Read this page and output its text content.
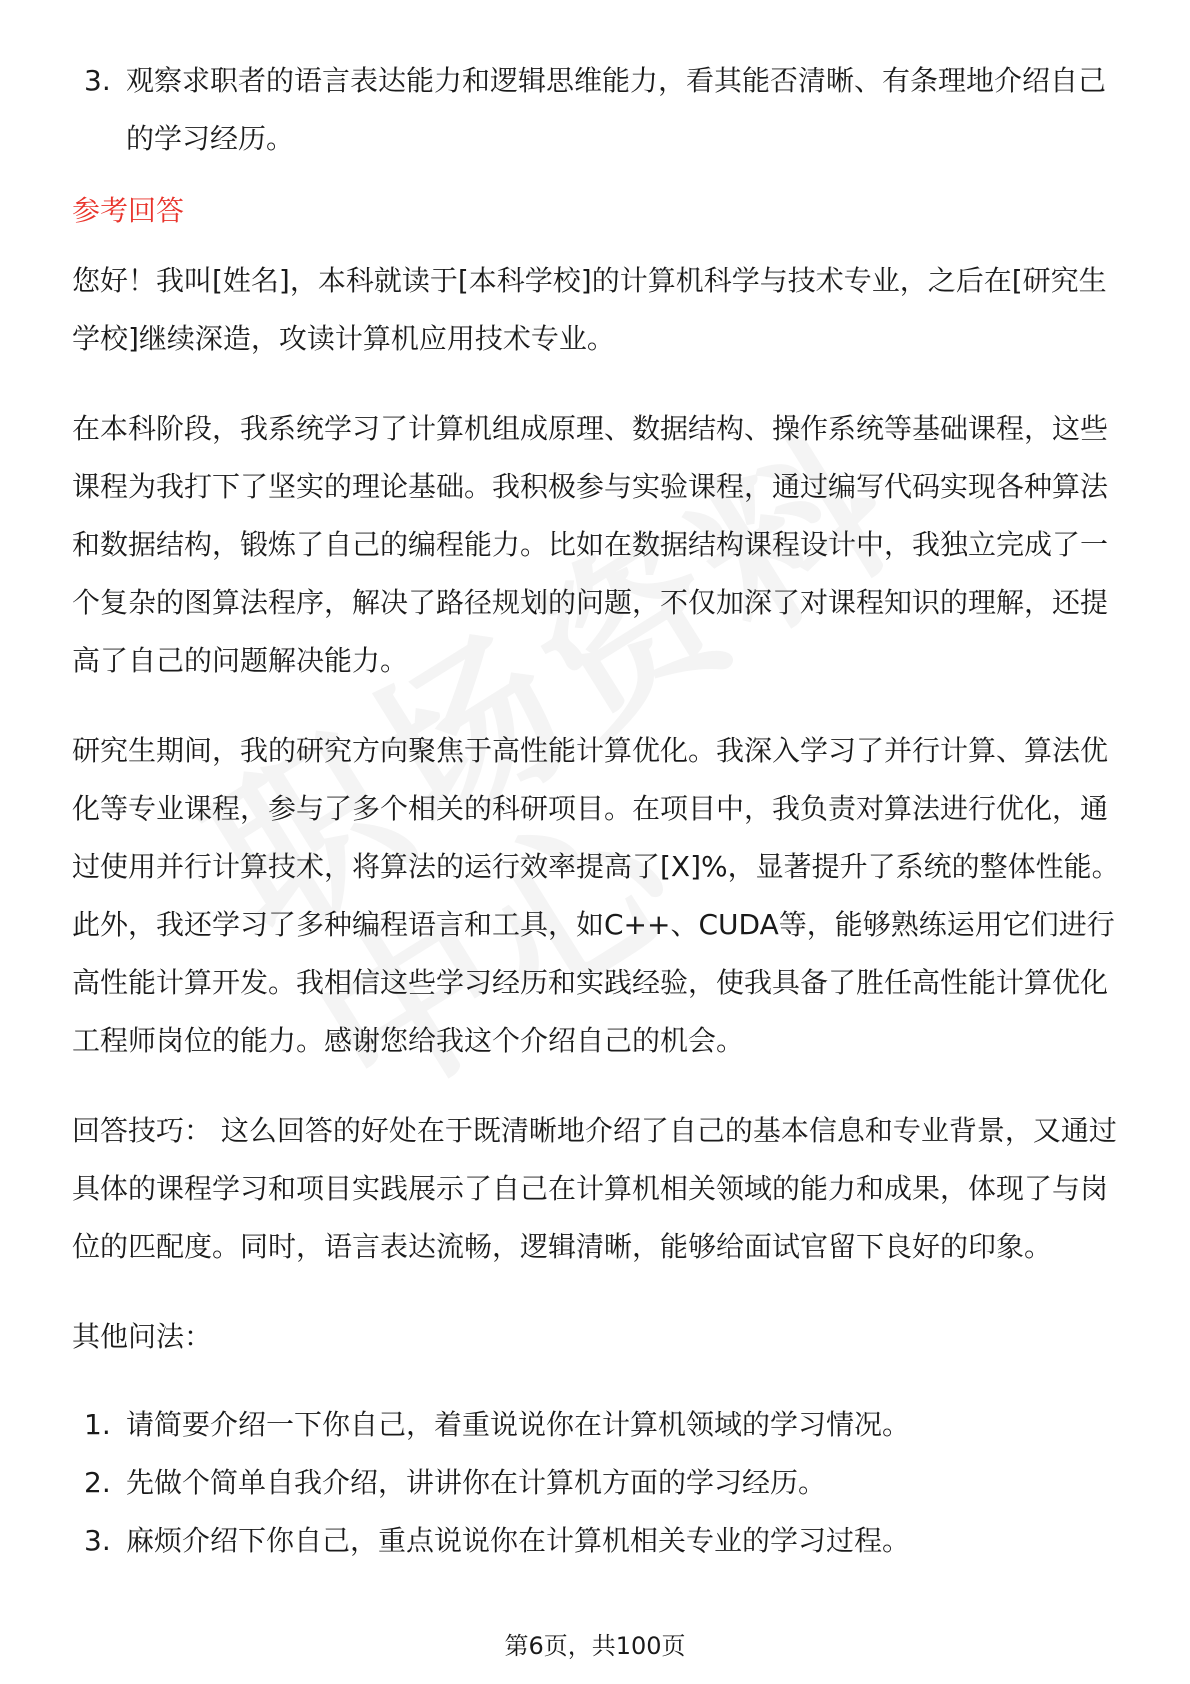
3. 观察求职者的语言表达能力和逻辑思维能力，看其能否清晰、有条理地介绍自己的学习经历。
参考回答

您好！我叫[姓名]，本科就读于[本科学校]的计算机科学与技术专业，之后在[研究生学校]继续深造，攻读计算机应用技术专业。

在本科阶段，我系统学习了计算机组成原理、数据结构、操作系统等基础课程，这些课程为我打下了坚实的理论基础。我积极参与实验课程，通过编写代码实现各种算法和数据结构，锻炼了自己的编程能力。比如在数据结构课程设计中，我独立完成了一个复杂的图算法程序，解决了路径规划的问题，不仅加深了对课程知识的理解，还提高了自己的问题解决能力。

研究生期间，我的研究方向聚焦于高性能计算优化。我深入学习了并行计算、算法优化等专业课程，参与了多个相关的科研项目。在项目中，我负责对算法进行优化，通过使用并行计算技术，将算法的运行效率提高了[X]%，显著提升了系统的整体性能。此外，我还学习了多种编程语言和工具，如C++、CUDA等，能够熟练运用它们进行高性能计算开发。我相信这些学习经历和实践经验，使我具备了胜任高性能计算优化工程师岗位的能力。感谢您给我这个介绍自己的机会。

回答技巧： 这么回答的好处在于既清晰地介绍了自己的基本信息和专业背景，又通过具体的课程学习和项目实践展示了自己在计算机相关领域的能力和成果，体现了与岗位的匹配度。同时，语言表达流畅，逻辑清晰，能够给面试官留下良好的印象。

其他问法：
1. 请简要介绍一下你自己，着重说说你在计算机领域的学习情况。
2. 先做个简单自我介绍，讲讲你在计算机方面的学习经历。
3. 麻烦介绍下你自己，重点说说你在计算机相关专业的学习过程。
第6页，共100页
